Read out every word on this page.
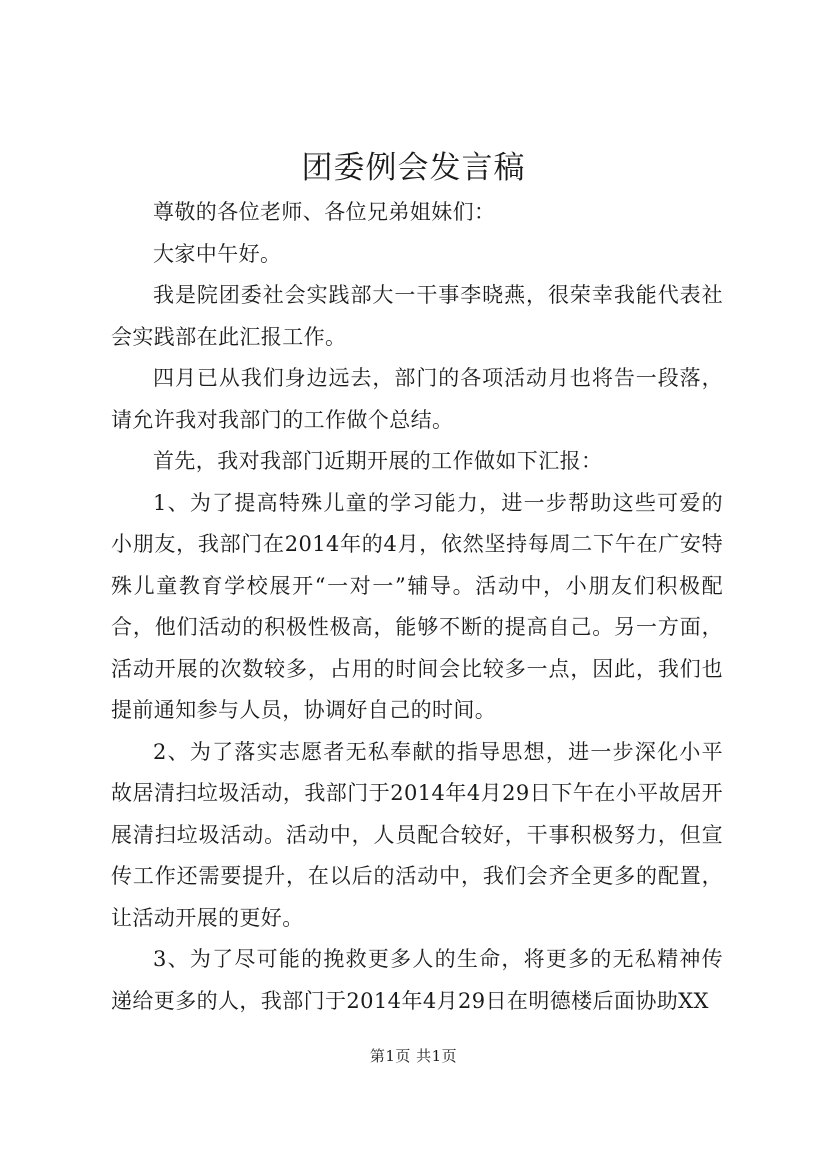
团委例会发言稿

尊敬的各位老师、各位兄弟姐妹们：

大家中午好。

我是院团委社会实践部大一干事李晓燕，很荣幸我能代表社会实践部在此汇报工作。

四月已从我们身边远去，部门的各项活动月也将告一段落，请允许我对我部门的工作做个总结。

首先，我对我部门近期开展的工作做如下汇报：

1、为了提高特殊儿童的学习能力，进一步帮助这些可爱的小朋友，我部门在2014年的4月，依然坚持每周二下午在广安特殊儿童教育学校展开“一对一”辅导。活动中，小朋友们积极配合，他们活动的积极性极高，能够不断的提高自己。另一方面，活动开展的次数较多，占用的时间会比较多一点，因此，我们也提前通知参与人员，协调好自己的时间。

2、为了落实志愿者无私奉献的指导思想，进一步深化小平故居清扫垃圾活动，我部门于2014年4月29日下午在小平故居开展清扫垃圾活动。活动中，人员配合较好，干事积极努力，但宣传工作还需要提升，在以后的活动中，我们会齐全更多的配置，让活动开展的更好。

3、为了尽可能的挽救更多人的生命，将更多的无私精神传递给更多的人，我部门于2014年4月29日在明德楼后面协助XX

第1页 共1页
